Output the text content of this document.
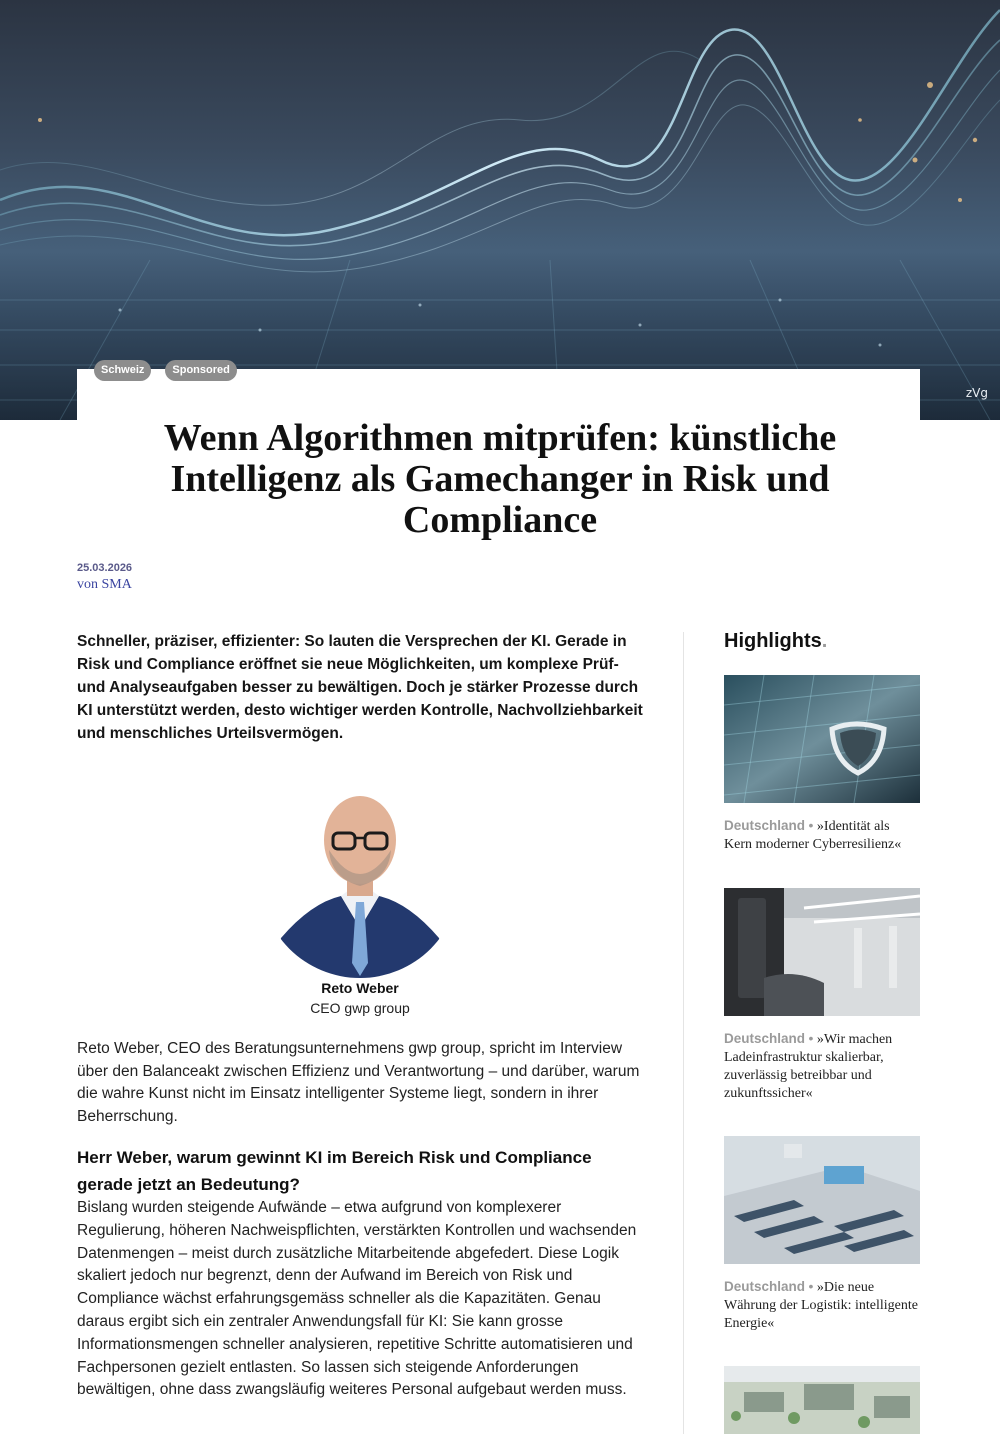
zVg
Schweiz	Sponsored
Wenn Algorithmen mitprüfen: künstliche Intelligenz als Gamechanger in Risk und Compliance
25.03.2026
von SMA

Schneller, präziser, effizienter: So lauten die Versprechen der KI. Gerade in Risk und Compliance eröffnet sie neue Möglichkeiten, um komplexe Prüf- und Analyseaufgaben besser zu bewältigen. Doch je stärker Prozesse durch KI unterstützt werden, desto wichtiger werden Kontrolle, Nachvollziehbarkeit und menschliches Urteilsvermögen.

Reto Weber
CEO gwp group

Reto Weber, CEO des Beratungsunternehmens gwp group, spricht im Interview über den Balanceakt zwischen Effizienz und Verantwortung – und darüber, warum die wahre Kunst nicht im Einsatz intelligenter Systeme liegt, sondern in ihrer Beherrschung.

Herr Weber, warum gewinnt KI im Bereich Risk und Compliance gerade jetzt an Bedeutung?

Bislang wurden steigende Aufwände – etwa aufgrund von komplexerer Regulierung, höheren Nachweispflichten, verstärkten Kontrollen und wachsenden Datenmengen – meist durch zusätzliche Mitarbeitende abgefedert. Diese Logik skaliert jedoch nur begrenzt, denn der Aufwand im Bereich von Risk und Compliance wächst erfahrungsgemäss schneller als die Kapazitäten. Genau daraus ergibt sich ein zentraler Anwendungsfall für KI: Sie kann grosse Informationsmengen schneller analysieren, repetitive Schritte automatisieren und Fachpersonen gezielt entlasten. So lassen sich steigende Anforderungen bewältigen, ohne dass zwangsläufig weiteres Personal aufgebaut werden muss.

Highlights.
Deutschland • »Identität als Kern moderner Cyberresilienz«
Deutschland • »Wir machen Ladeinfrastruktur skalierbar, zuverlässig betreibbar und zukunftssicher«
Deutschland • »Die neue Währung der Logistik: intelligente Energie«
